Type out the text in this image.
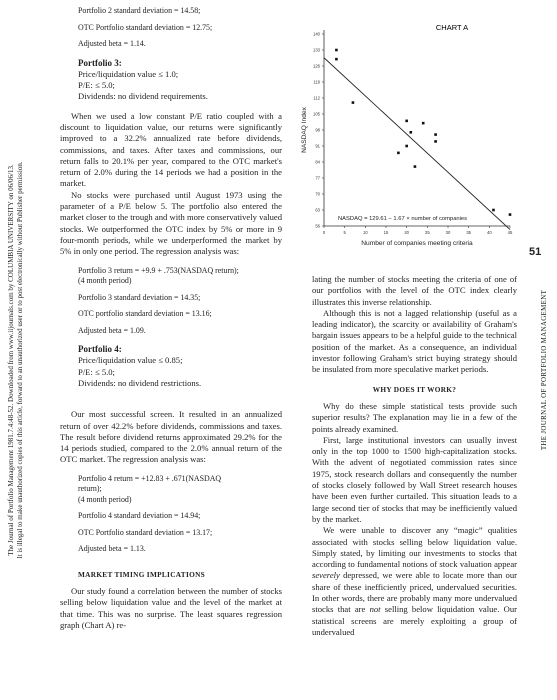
The Journal of Portfolio Management 1981.7.4:48-52. Downloaded from www.iijournals.com by COLUMBIA UNIVERSITY on 06/06/13.
It is illegal to make unauthorized copies of this article, forward to an unauthorized user or to post electronically without Publisher permission.
Portfolio 2 standard deviation = 14.58;
OTC Portfolio standard deviation = 12.75;
Adjusted beta = 1.14.
Portfolio 3:
Price/liquidation value ≤ 1.0;
P/E: ≤ 5.0;
Dividends: no dividend requirements.

When we used a low constant P/E ratio coupled with a discount to liquidation value, our returns were significantly improved to a 32.2% annualized rate before dividends, commissions, and taxes. After taxes and commissions, our return falls to 20.1% per year, compared to the OTC market's return of 2.0% during the 14 periods we had a position in the market.

No stocks were purchased until August 1973 using the parameter of a P/E below 5. The portfolio also entered the market closer to the trough and with more conservatively valued stocks. We outperformed the OTC index by 5% or more in 9 four-month periods, while we underperformed the market by 5% in only one period. The regression analysis was:

Portfolio 3 return = +9.9 + .753(NASDAQ return);
(4 month period)
Portfolio 3 standard deviation = 14.35;
OTC portfolio standard deviation = 13.16;
Adjusted beta = 1.09.
Portfolio 4:
Price/liquidation value ≤ 0.85;
P/E: ≤ 5.0;
Dividends: no dividend restrictions.

Our most successful screen. It resulted in an annualized return of over 42.2% before dividends, commissions and taxes. The result before dividend returns approximated 29.2% for the 14 periods studied, compared to the 2.0% annual return of the OTC market. The regression analysis was:

Portfolio 4 return = +12.83 + .671(NASDAQ
return);
(4 month period)
Portfolio 4 standard deviation = 14.94;
OTC Portfolio standard deviation = 13.17;
Adjusted beta = 1.13.
MARKET TIMING IMPLICATIONS

Our study found a correlation between the number of stocks selling below liquidation value and the level of the market at that time. This was no surprise. The least squares regression graph (Chart A) re-

CHART A
56
63
70
77
84
91
98
105
112
119
126
133
140
0	5	10	15	20	25	30	35	40	45
NASDAQ = 129.61 − 1.67 × number of companies
Number of companies meeting criteria
NASDAQ Index
51
THE JOURNAL OF PORTFOLIO MANAGEMENT

lating the number of stocks meeting the criteria of one of our portfolios with the level of the OTC index clearly illustrates this inverse relationship.

Although this is not a lagged relationship (useful as a leading indicator), the scarcity or availability of Graham's bargain issues appears to be a helpful guide to the technical position of the market. As a consequence, an individual investor following Graham's strict buying strategy should be insulated from more speculative market periods.

WHY DOES IT WORK?

Why do these simple statistical tests provide such superior results? The explanation may lie in a few of the points already examined.

First, large institutional investors can usually invest only in the top 1000 to 1500 high-capitalization stocks. With the advent of negotiated commission rates since 1975, stock research dollars and consequently the number of stocks closely followed by Wall Street research houses have been even further curtailed. This situation leads to a large second tier of stocks that may be inefficiently valued by the market.

We were unable to discover any “magic” qualities associated with stocks selling below liquidation value. Simply stated, by limiting our investments to stocks that according to fundamental notions of stock valuation appear severely depressed, we were able to locate more than our share of these inefficiently priced, undervalued securities. In other words, there are probably many more undervalued stocks that are not selling below liquidation value. Our statistical screens are merely exploiting a group of undervalued
